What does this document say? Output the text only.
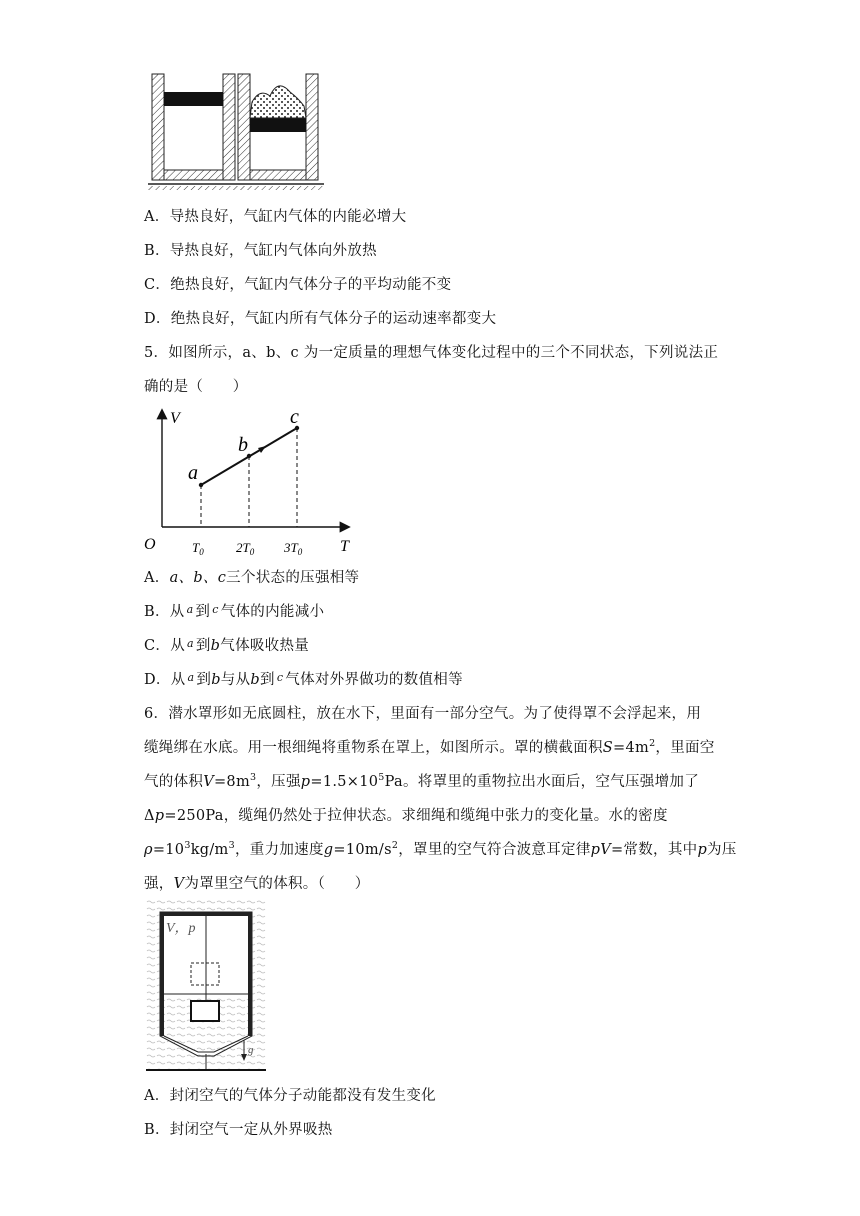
A．导热良好，气缸内气体的内能必增大
B．导热良好，气缸内气体向外放热
C．绝热良好，气缸内气体分子的平均动能不变
D．绝热良好，气缸内所有气体分子的运动速率都变大
5．如图所示，a、b、c 为一定质量的理想气体变化过程中的三个不同状态，下列说法正
确的是（　　）
V
T
O
a
b
c
$T_0$ $2T_0$ $3T_0$
A．a、b、c三个状态的压强相等
B．从 $^a$ 到 $^c$ 气体的内能减小
C．从 $^a$ 到b气体吸收热量
D．从 $^a$ 到b与从b到 $^c$ 气体对外界做功的数值相等
6．潜水罩形如无底圆柱，放在水下，里面有一部分空气。为了使得罩不会浮起来，用
缆绳绑在水底。用一根细绳将重物系在罩上，如图所示。罩的横截面积$S=4m^2$，里面空
气的体积$V=8m^3$，压强$p=1.5\times 10^5Pa$。将罩里的重物拉出水面后，空气压强增加了
Δp=250Pa，缆绳仍然处于拉伸状态。求细绳和缆绳中张力的变化量。水的密度
$\rho=10^3kg/m^3$，重力加速度$g=10m/s^2$，罩里的空气符合波意耳定律pV=常数，其中p为压
强，V为罩里空气的体积。（　　）
V，p
g
A．封闭空气的气体分子动能都没有发生变化
B．封闭空气一定从外界吸热
